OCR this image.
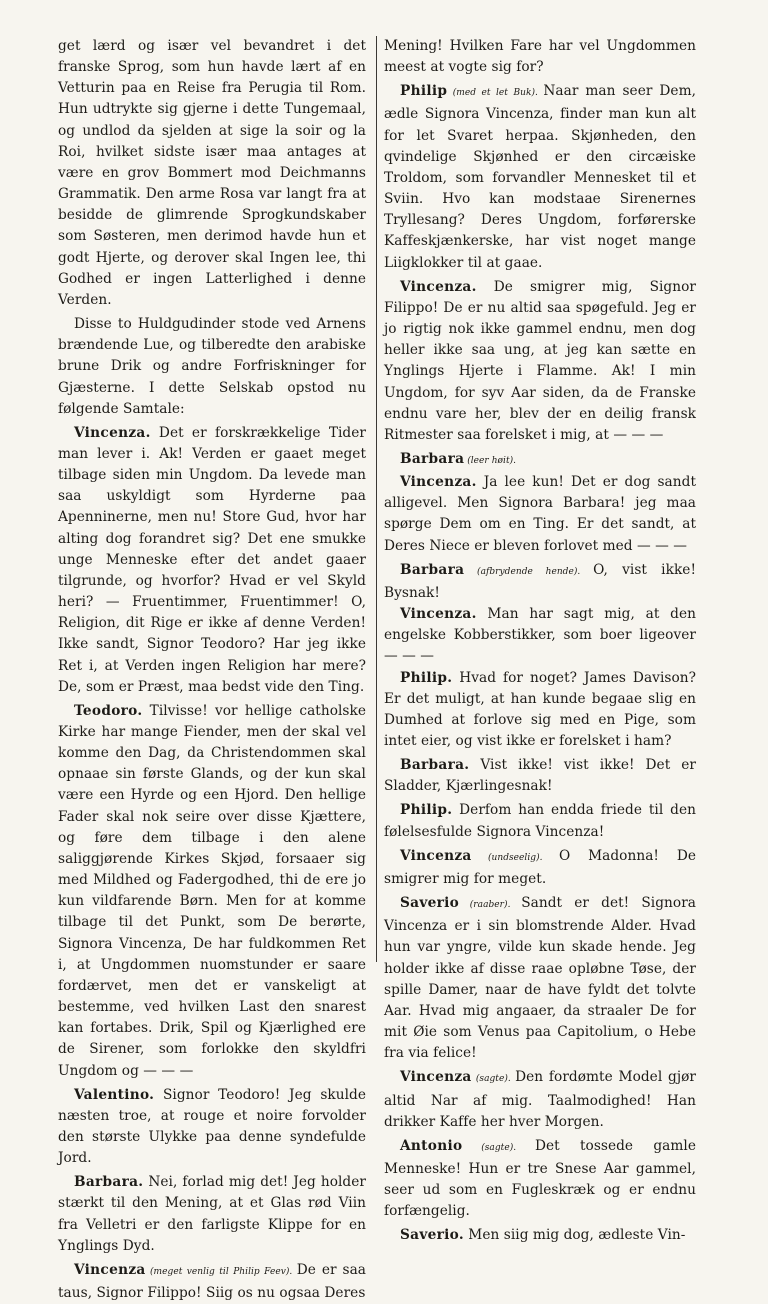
get lærd og især vel bevandret i det franske Sprog, som hun havde lært af en Vetturin paa en Reise fra Perugia til Rom. Hun udtrykte sig gjerne i dette Tungemaal, og undlod da sjelden at sige la soir og la Roi, hvilket sidste især maa antages at være en grov Bommert mod Deichmanns Grammatik. Den arme Rosa var langt fra at besidde de glimrende Sprogkundskaber som Søsteren, men derimod havde hun et godt Hjerte, og derover skal Ingen lee, thi Godhed er ingen Latterlighed i denne Verden.

Disse to Huldgudinder stode ved Arnens brændende Lue, og tilberedte den arabiske brune Drik og andre Forfriskninger for Gjæsterne. I dette Selskab opstod nu følgende Samtale:

Vincenza. Det er forskrækkelige Tider man lever i. Ak! Verden er gaaet meget tilbage siden min Ungdom. Da levede man saa uskyldigt som Hyrderne paa Apenninerne, men nu! Store Gud, hvor har alting dog forandret sig? Det ene smukke unge Menneske efter det andet gaaer tilgrunde, og hvorfor? Hvad er vel Skyld heri? — Fruentimmer, Fruentimmer! O, Religion, dit Rige er ikke af denne Verden! Ikke sandt, Signor Teodoro? Har jeg ikke Ret i, at Verden ingen Religion har mere? De, som er Præst, maa bedst vide den Ting.

Teodoro. Tilvisse! vor hellige catholske Kirke har mange Fiender, men der skal vel komme den Dag, da Christendommen skal opnaae sin første Glands, og der kun skal være een Hyrde og een Hjord. Den hellige Fader skal nok seire over disse Kjættere, og føre dem tilbage i den alene saliggjørende Kirkes Skjød, forsaaer sig med Mildhed og Fadergodhed, thi de ere jo kun vildfarende Børn. Men for at komme tilbage til det Punkt, som De berørte, Signora Vincenza, De har fuldkommen Ret i, at Ungdommen nuomstunder er saare fordærvet, men det er vanskeligt at bestemme, ved hvilken Last den snarest kan fortabes. Drik, Spil og Kjærlighed ere de Sirener, som forlokke den skyldfri Ungdom og — — —

Valentino. Signor Teodoro! Jeg skulde næsten troe, at rouge et noire forvolder den største Ulykke paa denne syndefulde Jord.

Barbara. Nei, forlad mig det! Jeg holder stærkt til den Mening, at et Glas rød Viin fra Velletri er den farligste Klippe for en Ynglings Dyd.

Vincenza (meget venlig til Philip Feev). De er saa taus, Signor Filippo! Siig os nu ogsaa Deres

Mening! Hvilken Fare har vel Ungdommen meest at vogte sig for?

Philip (med et let Buk). Naar man seer Dem, ædle Signora Vincenza, finder man kun alt for let Svaret herpaa. Skjønheden, den qvindelige Skjønhed er den circæiske Troldom, som forvandler Mennesket til et Sviin. Hvo kan modstaae Sirenernes Tryllesang? Deres Ungdom, forførerske Kaffeskjænkerske, har vist noget mange Liigklokker til at gaae.

Vincenza. De smigrer mig, Signor Filippo! De er nu altid saa spøgefuld. Jeg er jo rigtig nok ikke gammel endnu, men dog heller ikke saa ung, at jeg kan sætte en Ynglings Hjerte i Flamme. Ak! I min Ungdom, for syv Aar siden, da de Franske endnu vare her, blev der en deilig fransk Ritmester saa forelsket i mig, at — — —

Barbara (leer høit).

Vincenza. Ja lee kun! Det er dog sandt alligevel. Men Signora Barbara! jeg maa spørge Dem om en Ting. Er det sandt, at Deres Niece er bleven forlovet med — — —

Barbara (afbrydende hende). O, vist ikke! Bysnak!

Vincenza. Man har sagt mig, at den engelske Kobberstikker, som boer ligeover — — —

Philip. Hvad for noget? James Davison? Er det muligt, at han kunde begaae slig en Dumhed at forlove sig med en Pige, som intet eier, og vist ikke er forelsket i ham?

Barbara. Vist ikke! vist ikke! Det er Sladder, Kjærlingesnak!

Philip. Derfom han endda friede til den følelsesfulde Signora Vincenza!

Vincenza (undseelig). O Madonna! De smigrer mig for meget.

Saverio (raaber). Sandt er det! Signora Vincenza er i sin blomstrende Alder. Hvad hun var yngre, vilde kun skade hende. Jeg holder ikke af disse raae opløbne Tøse, der spille Damer, naar de have fyldt det tolvte Aar. Hvad mig angaaer, da straaler De for mit Øie som Venus paa Capitolium, o Hebe fra via felice!

Vincenza (sagte). Den fordømte Model gjør altid Nar af mig. Taalmodighed! Han drikker Kaffe her hver Morgen.

Antonio (sagte). Det tossede gamle Menneske! Hun er tre Snese Aar gammel, seer ud som en Fugleskræk og er endnu forfængelig.

Saverio. Men siig mig dog, ædleste Vin-
